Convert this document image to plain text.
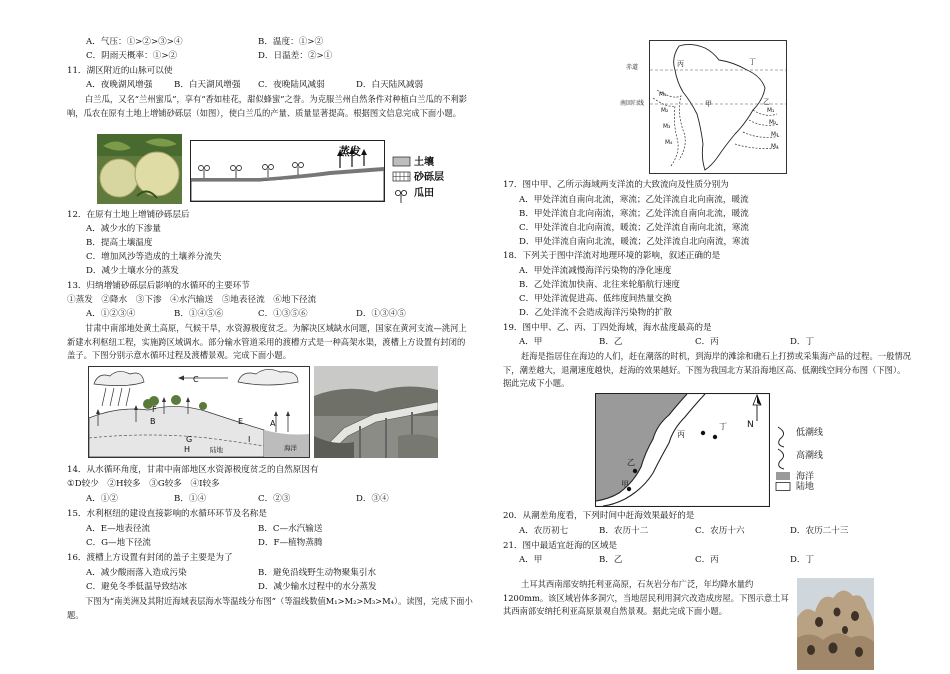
A．气压：①>②>③>④	B．温度：①>②
C．阴雨天概率：①>②	D．日温差：②>①
11．湖区附近的山脉可以使
A．夜晚湖风增强	B．白天湖风增强 C．夜晚陆风减弱	D．白天陆风减弱
白兰瓜，又名“兰州蜜瓜”，享有“香如桂花，甜似蜂蜜”之誉。为克服兰州自然条件对种植白兰瓜的不利影响，瓜农在原有土地上增铺砂砾层（如图），使白兰瓜的产量、质量显著提高。根据图文信息完成下面小题。
蒸发
土壤
砂砾层
瓜田
12．在原有土地上增铺砂砾层后
A．减少水的下渗量
B．提高土壤温度
C．增加风沙等造成的土壤养分流失
D．减少土壤水分的蒸发
13．归纳增铺砂砾层后影响的水循环的主要环节
①蒸发　②降水　③下渗　④水汽输送　⑤地表径流　⑥地下径流
A．①②③④	B．①④⑤⑥	C．①③⑤⑥	D．①③④⑤
甘肃中南部地处黄土高原，气候干旱，水资源极度贫乏。为解决区域缺水问题，国家在黄河支流—洮河上新建水利枢纽工程，实施跨区域调水。部分输水管道采用的渡槽方式是一种高架水渠，渡槽上方设置有封闭的盖子。下图分别示意水循环过程及渡槽景观。完成下面小题。
C
F
B	E	A
G
H
I
陆地	海洋
14．从水循环角度，甘肃中南部地区水资源极度贫乏的自然原因有
①D较少　②H较多　③G较多　④I较多
A．①②	B．①④	C．②③	D．③④
15．水利枢纽的建设直接影响的水循环环节及名称是
A．E—地表径流	B．C—水汽输送
C．G—地下径流	D．F—植物蒸腾
16．渡槽上方设置有封闭的盖子主要是为了
A．减少酸雨落入造成污染	B．避免沿线野生动物聚集引水
C．避免冬季低温导致结冰	D．减少输水过程中的水分蒸发
下图为“南美洲及其附近海域表层海水等温线分布图”（等温线数值M₁>M₂>M₃>M₄）。读图，完成下面小题。
丙	丁
甲	乙
M₁
M₂
M₃
M₄
M₁
M₂
M₃
M₄
赤道
南回归线
17．图中甲、乙所示海域两支洋流的大致流向及性质分别为
A．甲处洋流自南向北流，寒流；乙处洋流自北向南流，暖流
B．甲处洋流自北向南流，寒流；乙处洋流自南向北流，暖流
C．甲处洋流自北向南流，暖流；乙处洋流自南向北流，寒流
D．甲处洋流自南向北流，暖流；乙处洋流自北向南流，寒流
18．下列关于图中洋流对地理环境的影响，叙述正确的是
A．甲处洋流减慢海洋污染物的净化速度
B．乙处洋流加快南、北往来轮船航行速度
C．甲处洋流促进高、低纬度间热量交换
D．乙处洋流不会造成海洋污染物的扩散
19．图中甲、乙、丙、丁四处海域，海水盐度最高的是
A．甲	B．乙	C．丙	D．丁
赶海是指居住在海边的人们，赶在潮落的时机，到海岸的滩涂和礁石上打捞或采集海产品的过程。一般情况下，潮差越大，退潮速度越快，赶海的效果越好。下图为我国北方某沿海地区高、低潮线空间分布图（下图）。据此完成下小题。
丙
丁
乙
甲
N
低潮线
高潮线
海洋
陆地
20．从潮差角度看，下列时间中赶海效果最好的是
A．农历初七	B．农历十二	C．农历十六	D．农历二十三
21．图中最适宜赶海的区域是
A．甲	B．乙	C．丙	D．丁
土耳其西南部安纳托利亚高原，石灰岩分布广泛，年均降水量约1200mm。该区域岩体多洞穴，当地居民利用洞穴改造成房屋。下图示意土耳其西南部安纳托利亚高原景观自然景观。据此完成下面小题。
